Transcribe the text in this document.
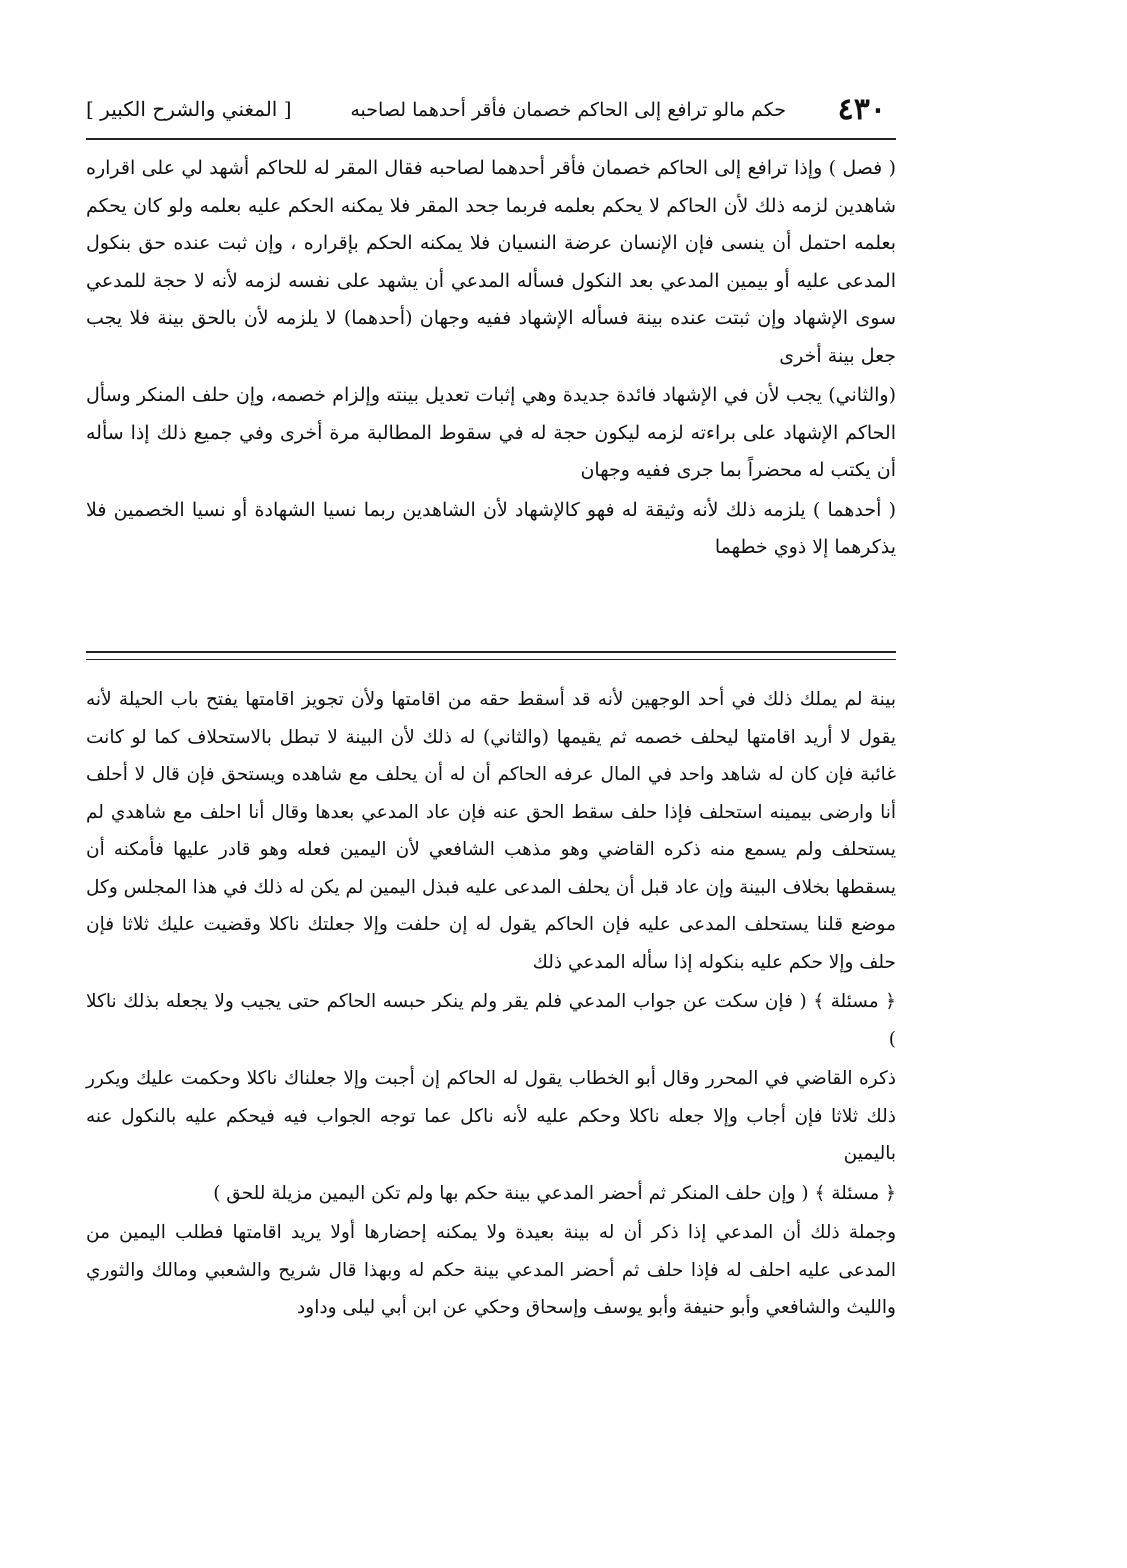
٤٣٠
حكم مالو ترافع إلى الحاكم خصمان فأقر أحدهما لصاحبه
[ المغني والشرح الكبير ]

( فصل ) وإذا ترافع إلى الحاكم خصمان فأقر أحدهما لصاحبه فقال المقر له للحاكم أشهد لي على اقراره شاهدين لزمه ذلك لأن الحاكم لا يحكم بعلمه فربما جحد المقر فلا يمكنه الحكم عليه بعلمه ولو كان يحكم بعلمه احتمل أن ينسى فإن الإنسان عرضة النسيان فلا يمكنه الحكم بإقراره ، وإن ثبت عنده حق بنكول المدعى عليه أو بيمين المدعي بعد النكول فسأله المدعي أن يشهد على نفسه لزمه لأنه لا حجة للمدعي سوى الإشهاد وإن ثبتت عنده بينة فسأله الإشهاد ففيه وجهان (أحدهما) لا يلزمه لأن بالحق بينة فلا يجب جعل بينة أخرى

(والثاني) يجب لأن في الإشهاد فائدة جديدة وهي إثبات تعديل بينته وإلزام خصمه، وإن حلف المنكر وسأل الحاكم الإشهاد على براءته لزمه ليكون حجة له في سقوط المطالبة مرة أخرى وفي جميع ذلك إذا سأله أن يكتب له محضراً بما جرى ففيه وجهان

( أحدهما ) يلزمه ذلك لأنه وثيقة له فهو كالإشهاد لأن الشاهدين ربما نسيا الشهادة أو نسيا الخصمين فلا يذكرهما إلا ذوي خطهما

بينة لم يملك ذلك في أحد الوجهين لأنه قد أسقط حقه من اقامتها ولأن تجويز اقامتها يفتح باب الحيلة لأنه يقول لا أريد اقامتها ليحلف خصمه ثم يقيمها (والثاني) له ذلك لأن البينة لا تبطل بالاستحلاف كما لو كانت غائبة فإن كان له شاهد واحد في المال عرفه الحاكم أن له أن يحلف مع شاهده ويستحق فإن قال لا أحلف أنا وارضى بيمينه استحلف فإذا حلف سقط الحق عنه فإن عاد المدعي بعدها وقال أنا احلف مع شاهدي لم يستحلف ولم يسمع منه ذكره القاضي وهو مذهب الشافعي لأن اليمين فعله وهو قادر عليها فأمكنه أن يسقطها بخلاف البينة وإن عاد قبل أن يحلف المدعى عليه فبذل اليمين لم يكن له ذلك في هذا المجلس وكل موضع قلنا يستحلف المدعى عليه فإن الحاكم يقول له إن حلفت وإلا جعلتك ناكلا وقضيت عليك ثلاثا فإن حلف وإلا حكم عليه بنكوله إذا سأله المدعي ذلك

﴿ مسئلة ﴾ ( فإن سكت عن جواب المدعي فلم يقر ولم ينكر حبسه الحاكم حتى يجيب ولا يجعله بذلك ناكلا )

ذكره القاضي في المحرر وقال أبو الخطاب يقول له الحاكم إن أجبت وإلا جعلناك ناكلا وحكمت عليك ويكرر ذلك ثلاثا فإن أجاب وإلا جعله ناكلا وحكم عليه لأنه ناكل عما توجه الجواب فيه فيحكم عليه بالنكول عنه باليمين

﴿ مسئلة ﴾ ( وإن حلف المنكر ثم أحضر المدعي بينة حكم بها ولم تكن اليمين مزيلة للحق )

وجملة ذلك أن المدعي إذا ذكر أن له بينة بعيدة ولا يمكنه إحضارها أولا يريد اقامتها فطلب اليمين من المدعى عليه احلف له فإذا حلف ثم أحضر المدعي بينة حكم له وبهذا قال شريح والشعبي ومالك والثوري والليث والشافعي وأبو حنيفة وأبو يوسف وإسحاق وحكي عن ابن أبي ليلى وداود
